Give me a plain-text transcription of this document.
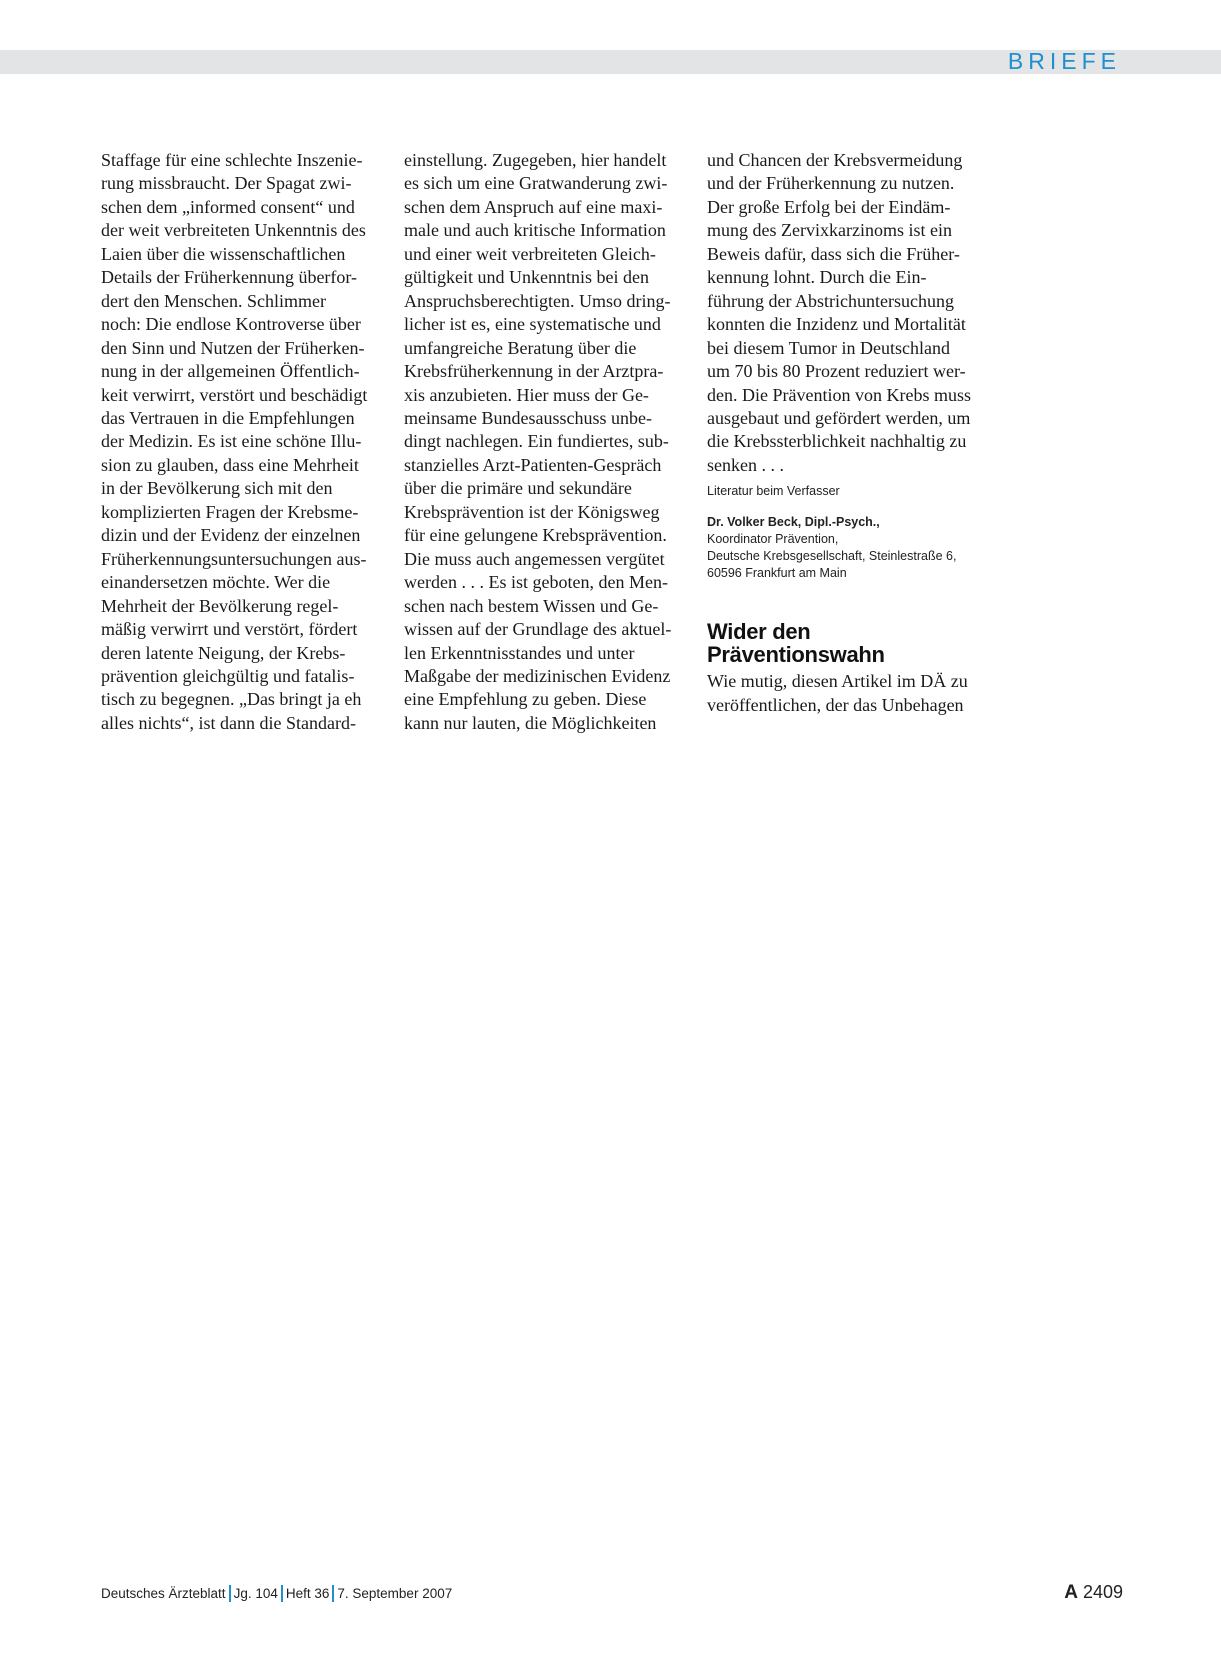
BRIEFE
Staffage für eine schlechte Inszenie-
rung missbraucht. Der Spagat zwi-
schen dem „informed consent“ und
der weit verbreiteten Unkenntnis des
Laien über die wissenschaftlichen
Details der Früherkennung überfor-
dert den Menschen. Schlimmer
noch: Die endlose Kontroverse über
den Sinn und Nutzen der Früherken-
nung in der allgemeinen Öffentlich-
keit verwirrt, verstört und beschädigt
das Vertrauen in die Empfehlungen
der Medizin. Es ist eine schöne Illu-
sion zu glauben, dass eine Mehrheit
in der Bevölkerung sich mit den
komplizierten Fragen der Krebsme-
dizin und der Evidenz der einzelnen
Früherkennungsuntersuchungen aus-
einandersetzen möchte. Wer die
Mehrheit der Bevölkerung regel-
mäßig verwirrt und verstört, fördert
deren latente Neigung, der Krebs-
prävention gleichgültig und fatalis-
tisch zu begegnen. „Das bringt ja eh
alles nichts“, ist dann die Standard-
einstellung. Zugegeben, hier handelt
es sich um eine Gratwanderung zwi-
schen dem Anspruch auf eine maxi-
male und auch kritische Information
und einer weit verbreiteten Gleich-
gültigkeit und Unkenntnis bei den
Anspruchsberechtigten. Umso dring-
licher ist es, eine systematische und
umfangreiche Beratung über die
Krebsfrüherkennung in der Arztpra-
xis anzubieten. Hier muss der Ge-
meinsame Bundesausschuss unbe-
dingt nachlegen. Ein fundiertes, sub-
stanzielles Arzt-Patienten-Gespräch
über die primäre und sekundäre
Krebsprävention ist der Königsweg
für eine gelungene Krebsprävention.
Die muss auch angemessen vergütet
werden . . . Es ist geboten, den Men-
schen nach bestem Wissen und Ge-
wissen auf der Grundlage des aktuel-
len Erkenntnisstandes und unter
Maßgabe der medizinischen Evidenz
eine Empfehlung zu geben. Diese
kann nur lauten, die Möglichkeiten
und Chancen der Krebsvermeidung
und der Früherkennung zu nutzen.
Der große Erfolg bei der Eindäm-
mung des Zervixkarzinoms ist ein
Beweis dafür, dass sich die Früher-
kennung lohnt. Durch die Ein-
führung der Abstrichuntersuchung
konnten die Inzidenz und Mortalität
bei diesem Tumor in Deutschland
um 70 bis 80 Prozent reduziert wer-
den. Die Prävention von Krebs muss
ausgebaut und gefördert werden, um
die Krebssterblichkeit nachhaltig zu
senken . . .
Literatur beim Verfasser
Dr. Volker Beck, Dipl.-Psych.,
Koordinator Prävention,
Deutsche Krebsgesellschaft, Steinlestraße 6,
60596 Frankfurt am Main
Wider den
Präventionswahn
Wie mutig, diesen Artikel im DÄ zu
veröffentlichen, der das Unbehagen
Deutsches Ärzteblatt Jg. 104 Heft 36 7. September 2007	A 2409
